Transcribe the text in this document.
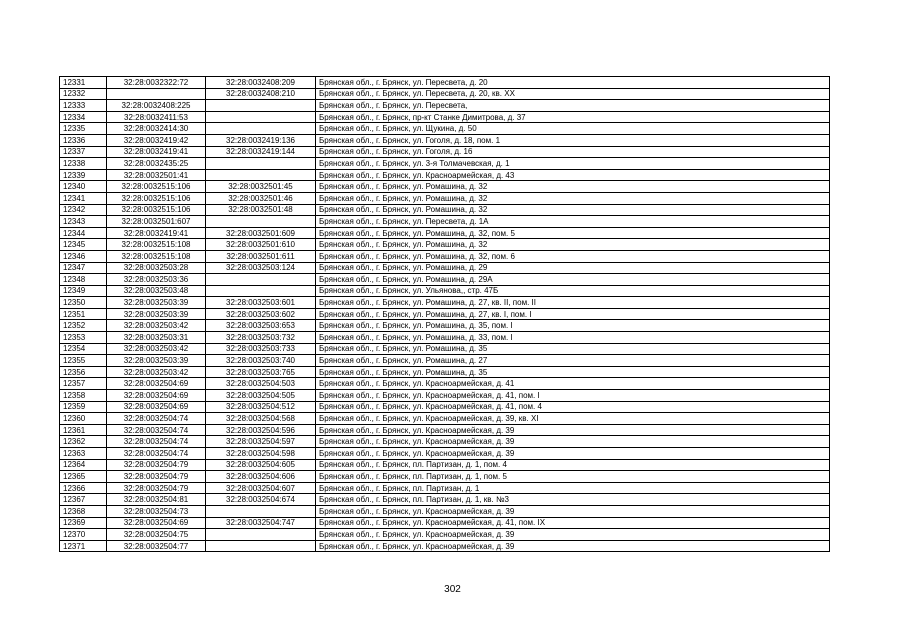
12331	32:28:0032322:72	32:28:0032408:209	Брянская обл., г. Брянск, ул. Пересвета, д. 20
12332		32:28:0032408:210	Брянская обл., г. Брянск, ул. Пересвета, д. 20, кв. XX
12333	32:28:0032408:225		Брянская обл., г. Брянск, ул. Пересвета,
12334	32:28:0032411:53		Брянская обл., г. Брянск, пр-кт Станке Димитрова, д. 37
12335	32:28:0032414:30		Брянская обл., г. Брянск, ул. Щукина, д. 50
12336	32:28:0032419:42	32:28:0032419:136	Брянская обл., г. Брянск, ул. Гоголя, д. 18, пом. 1
12337	32:28:0032419:41	32:28:0032419:144	Брянская обл., г. Брянск, ул. Гоголя, д. 16
12338	32:28:0032435:25		Брянская обл., г. Брянск, ул. 3-я Толмачевская, д. 1
12339	32:28:0032501:41		Брянская обл., г. Брянск, ул. Красноармейская, д. 43
12340	32:28:0032515:106	32:28:0032501:45	Брянская обл., г. Брянск, ул. Ромашина, д. 32
12341	32:28:0032515:106	32:28:0032501:46	Брянская обл., г. Брянск, ул. Ромашина, д. 32
12342	32:28:0032515:106	32:28:0032501:48	Брянская обл., г. Брянск, ул. Ромашина, д. 32
12343	32:28:0032501:607		Брянская обл., г. Брянск, ул. Пересвета, д. 1А
12344	32:28:0032419:41	32:28:0032501:609	Брянская обл., г. Брянск, ул. Ромашина, д. 32, пом. 5
12345	32:28:0032515:108	32:28:0032501:610	Брянская обл., г. Брянск, ул. Ромашина, д. 32
12346	32:28:0032515:108	32:28:0032501:611	Брянская обл., г. Брянск, ул. Ромашина, д. 32, пом. 6
12347	32:28:0032503:28	32:28:0032503:124	Брянская обл., г. Брянск, ул. Ромашина, д. 29
12348	32:28:0032503:36		Брянская обл., г. Брянск, ул. Ромашина, д. 29А
12349	32:28:0032503:48		Брянская обл., г. Брянск, ул. Ульянова,, стр. 47Б
12350	32:28:0032503:39	32:28:0032503:601	Брянская обл., г. Брянск, ул. Ромашина, д. 27, кв. II, пом. II
12351	32:28:0032503:39	32:28:0032503:602	Брянская обл., г. Брянск, ул. Ромашина, д. 27, кв. I, пом. I
12352	32:28:0032503:42	32:28:0032503:653	Брянская обл., г. Брянск, ул. Ромашина, д. 35, пом. I
12353	32:28:0032503:31	32:28:0032503:732	Брянская обл., г. Брянск, ул. Ромашина, д. 33, пом. I
12354	32:28:0032503:42	32:28:0032503:733	Брянская обл., г. Брянск, ул. Ромашина, д. 35
12355	32:28:0032503:39	32:28:0032503:740	Брянская обл., г. Брянск, ул. Ромашина, д. 27
12356	32:28:0032503:42	32:28:0032503:765	Брянская обл., г. Брянск, ул. Ромашина, д. 35
12357	32:28:0032504:69	32:28:0032504:503	Брянская обл., г. Брянск, ул. Красноармейская, д. 41
12358	32:28:0032504:69	32:28:0032504:505	Брянская обл., г. Брянск, ул. Красноармейская, д. 41, пом. I
12359	32:28:0032504:69	32:28:0032504:512	Брянская обл., г. Брянск, ул. Красноармейская, д. 41, пом. 4
12360	32:28:0032504:74	32:28:0032504:568	Брянская обл., г. Брянск, ул. Красноармейская, д. 39, кв. XI
12361	32:28:0032504:74	32:28:0032504:596	Брянская обл., г. Брянск, ул. Красноармейская, д. 39
12362	32:28:0032504:74	32:28:0032504:597	Брянская обл., г. Брянск, ул. Красноармейская, д. 39
12363	32:28:0032504:74	32:28:0032504:598	Брянская обл., г. Брянск, ул. Красноармейская, д. 39
12364	32:28:0032504:79	32:28:0032504:605	Брянская обл., г. Брянск, пл. Партизан, д. 1, пом. 4
12365	32:28:0032504:79	32:28:0032504:606	Брянская обл., г. Брянск, пл. Партизан, д. 1, пом. 5
12366	32:28:0032504:79	32:28:0032504:607	Брянская обл., г. Брянск, пл. Партизан, д. 1
12367	32:28:0032504:81	32:28:0032504:674	Брянская обл., г. Брянск, пл. Партизан, д. 1, кв. №3
12368	32:28:0032504:73		Брянская обл., г. Брянск, ул. Красноармейская, д. 39
12369	32:28:0032504:69	32:28:0032504:747	Брянская обл., г. Брянск, ул. Красноармейская, д. 41, пом. IX
12370	32:28:0032504:75		Брянская обл., г. Брянск, ул. Красноармейская, д. 39
12371	32:28:0032504:77		Брянская обл., г. Брянск, ул. Красноармейская, д. 39
302
